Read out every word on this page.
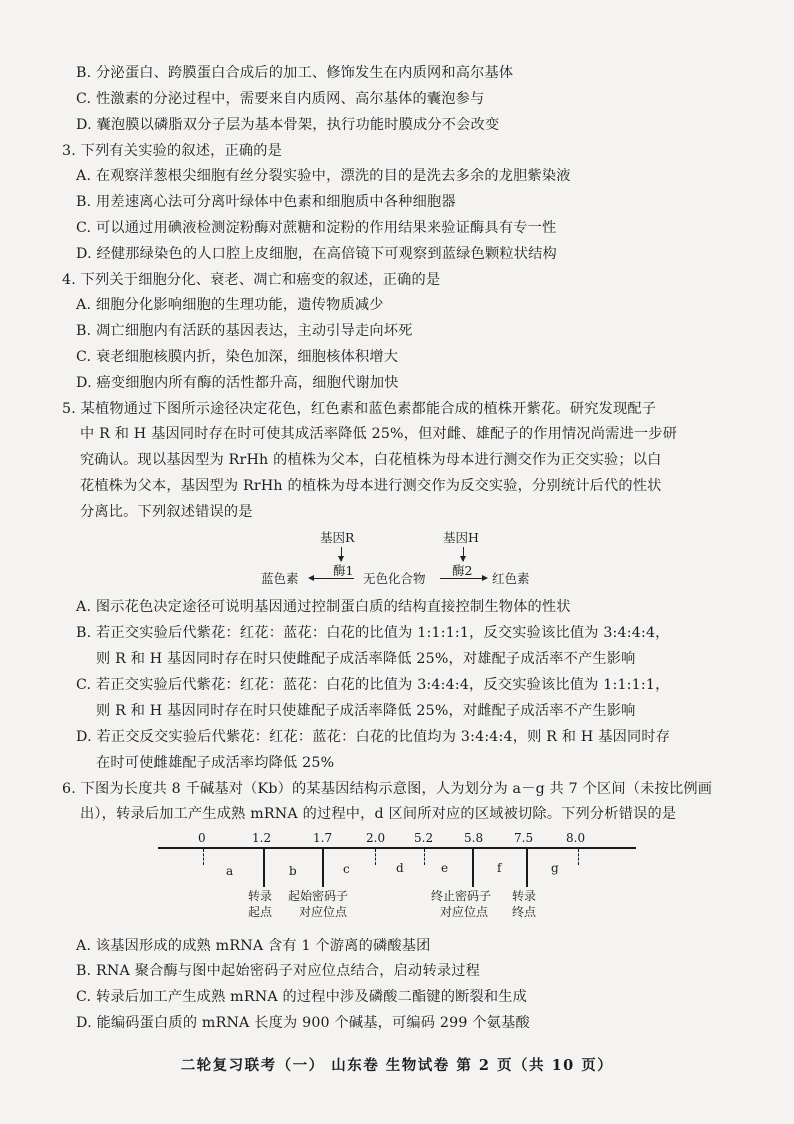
B. 分泌蛋白、跨膜蛋白合成后的加工、修饰发生在内质网和高尔基体
C. 性激素的分泌过程中，需要来自内质网、高尔基体的囊泡参与
D. 囊泡膜以磷脂双分子层为基本骨架，执行功能时膜成分不会改变
3. 下列有关实验的叙述，正确的是
A. 在观察洋葱根尖细胞有丝分裂实验中，漂洗的目的是洗去多余的龙胆紫染液
B. 用差速离心法可分离叶绿体中色素和细胞质中各种细胞器
C. 可以通过用碘液检测淀粉酶对蔗糖和淀粉的作用结果来验证酶具有专一性
D. 经健那绿染色的人口腔上皮细胞，在高倍镜下可观察到蓝绿色颗粒状结构
4. 下列关于细胞分化、衰老、凋亡和癌变的叙述，正确的是
A. 细胞分化影响细胞的生理功能，遗传物质减少
B. 凋亡细胞内有活跃的基因表达，主动引导走向坏死
C. 衰老细胞核膜内折，染色加深，细胞核体积增大
D. 癌变细胞内所有酶的活性都升高，细胞代谢加快
5. 某植物通过下图所示途径决定花色，红色素和蓝色素都能合成的植株开紫花。研究发现配子
中 R 和 H 基因同时存在时可使其成活率降低 25%，但对雌、雄配子的作用情况尚需进一步研
究确认。现以基因型为 RrHh 的植株为父本，白花植株为母本进行测交作为正交实验；以白
花植株为父本，基因型为 RrHh 的植株为母本进行测交作为反交实验，分别统计后代的性状
分离比。下列叙述错误的是
基因R	基因H
蓝色素
酶1
无色化合物
酶2
红色素
A. 图示花色决定途径可说明基因通过控制蛋白质的结构直接控制生物体的性状
B. 若正交实验后代紫花：红花：蓝花：白花的比值为 1:1:1:1，反交实验该比值为 3:4:4:4，
则 R 和 H 基因同时存在时只使雌配子成活率降低 25%，对雄配子成活率不产生影响
C. 若正交实验后代紫花：红花：蓝花：白花的比值为 3:4:4:4，反交实验该比值为 1:1:1:1，
则 R 和 H 基因同时存在时只使雄配子成活率降低 25%，对雌配子成活率不产生影响
D. 若正交反交实验后代紫花：红花：蓝花：白花的比值均为 3:4:4:4，则 R 和 H 基因同时存
在时可使雌雄配子成活率均降低 25%
6. 下图为长度共 8 千碱基对（Kb）的某基因结构示意图，人为划分为 a－g 共 7 个区间（未按比例画
出），转录后加工产生成熟 mRNA 的过程中，d 区间所对应的区域被切除。下列分析错误的是
0	1.2	1.7	2.0 5.2	5.8	7.5	8.0
a	b	c	d	e	f	g
转录
起点
起始密码子
对应位点
终止密码子
对应位点
转录
终点
A. 该基因形成的成熟 mRNA 含有 1 个游离的磷酸基团
B. RNA 聚合酶与图中起始密码子对应位点结合，启动转录过程
C. 转录后加工产生成熟 mRNA 的过程中涉及磷酸二酯键的断裂和生成
D. 能编码蛋白质的 mRNA 长度为 900 个碱基，可编码 299 个氨基酸
二轮复习联考（一） 山东卷 生物试卷 第 2 页（共 10 页）
